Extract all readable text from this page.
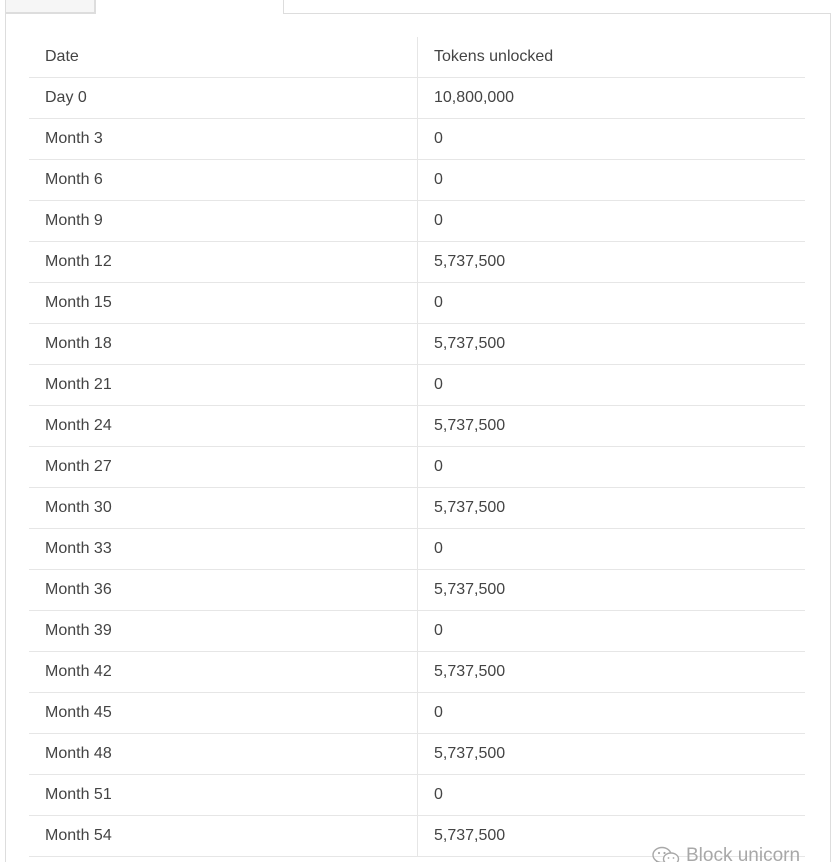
Date	Tokens unlocked
Day 0	10,800,000
Month 3	0
Month 6	0
Month 9	0
Month 12	5,737,500
Month 15	0
Month 18	5,737,500
Month 21	0
Month 24	5,737,500
Month 27	0
Month 30	5,737,500
Month 33	0
Month 36	5,737,500
Month 39	0
Month 42	5,737,500
Month 45	0
Month 48	5,737,500
Month 51	0
Month 54	5,737,500
Block unicorn
